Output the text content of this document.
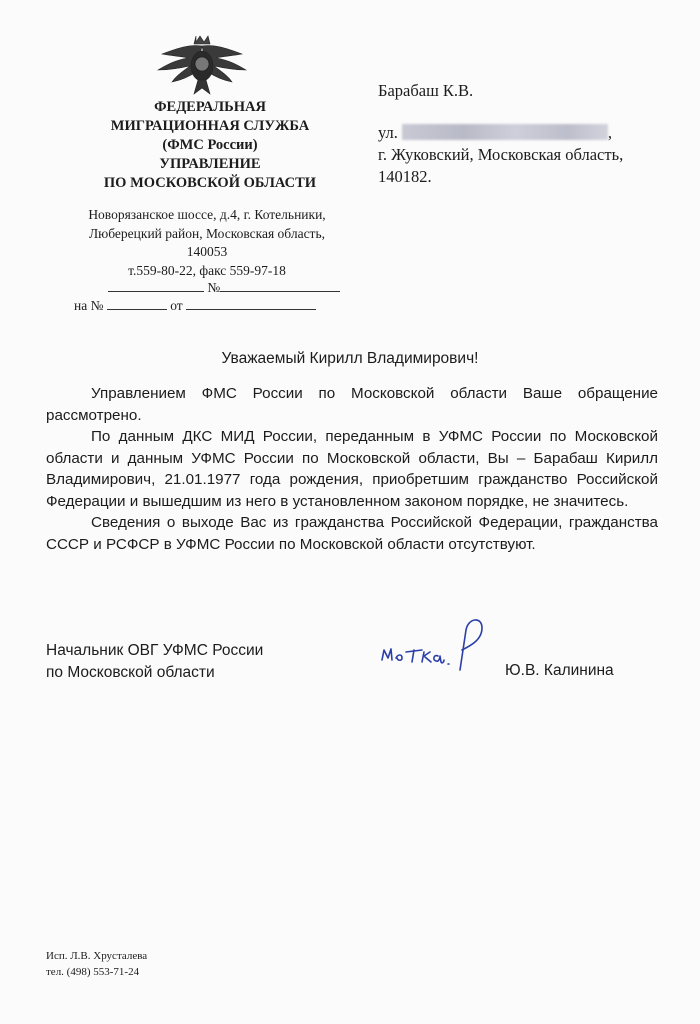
ФЕДЕРАЛЬНАЯ
МИГРАЦИОННАЯ СЛУЖБА
(ФМС России)
УПРАВЛЕНИЕ
ПО МОСКОВСКОЙ ОБЛАСТИ
Новорязанское шоссе, д.4, г. Котельники,
Люберецкий район, Московская область,
140053
т.559-80-22, факс 559-97-18
№
на №	от
Барабаш К.В.
ул.	,
г. Жуковский, Московская область,
140182.
Уважаемый Кирилл Владимирович!

Управлением ФМС России по Московской области Ваше обращение рассмотрено.

По данным ДКС МИД России, переданным в УФМС России по Московской области и данным УФМС России по Московской области, Вы – Барабаш Кирилл Владимирович, 21.01.1977 года рождения, приобретшим гражданство Российской Федерации и вышедшим из него в установленном законом порядке, не значитесь.

Сведения о выходе Вас из гражданства Российской Федерации, гражданства СССР и РСФСР в УФМС России по Московской области отсутствуют.

Начальник ОВГ УФМС России
по Московской области	Ю.В. Калинина
Исп. Л.В. Хрусталева
тел. (498) 553-71-24
